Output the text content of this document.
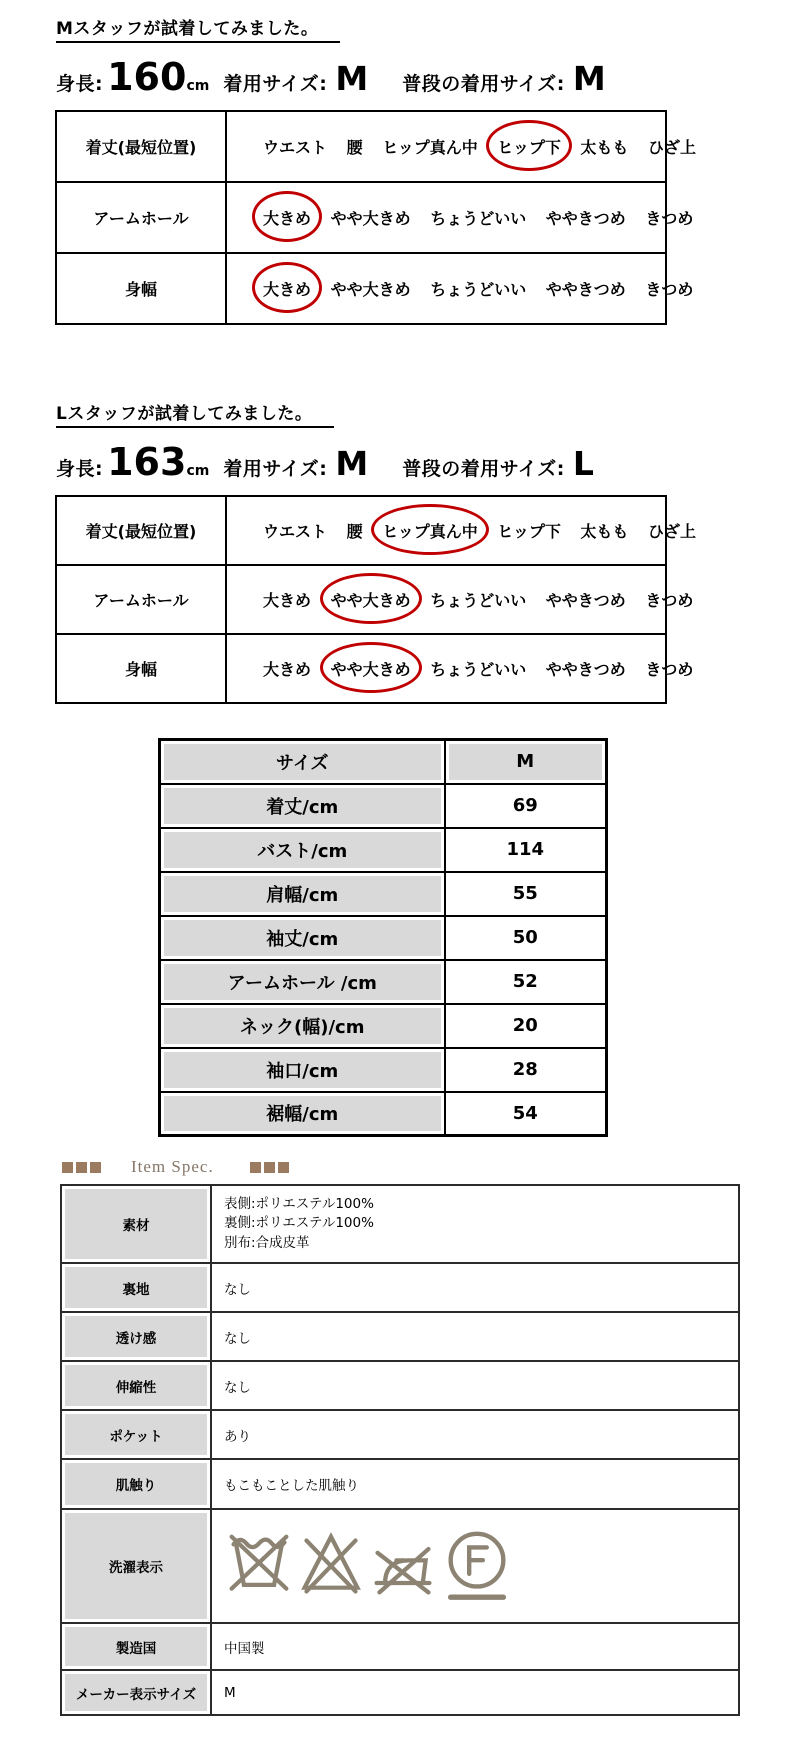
Mスタッフが試着してみました。
身長: 160 cm 着用サイズ: M 普段の着用サイズ: M
着丈(最短位置)	ウエスト 腰 ヒップ真ん中 ヒップ下 太もも ひざ上
アームホール	大きめ やや大きめ ちょうどいい ややきつめ きつめ
身幅	大きめ やや大きめ ちょうどいい ややきつめ きつめ
Lスタッフが試着してみました。
身長: 163 cm 着用サイズ: M 普段の着用サイズ: L
着丈(最短位置)	ウエスト 腰 ヒップ真ん中 ヒップ下 太もも ひざ上
アームホール	大きめ やや大きめ ちょうどいい ややきつめ きつめ
身幅	大きめ やや大きめ ちょうどいい ややきつめ きつめ
サイズ	M
着丈/cm	69
バスト/cm	114
肩幅/cm	55
袖丈/cm	50
アームホール /cm	52
ネック(幅)/cm	20
袖口/cm	28
裾幅/cm	54
Item Spec.
素材	表側:ポリエステル100%
裏側:ポリエステル100%
別布:合成皮革

裏地	なし
透け感	なし
伸縮性	なし
ポケット	あり
肌触り	もこもことした肌触り
洗濯表示	

製造国	中国製
メーカー表示サイズ	M
